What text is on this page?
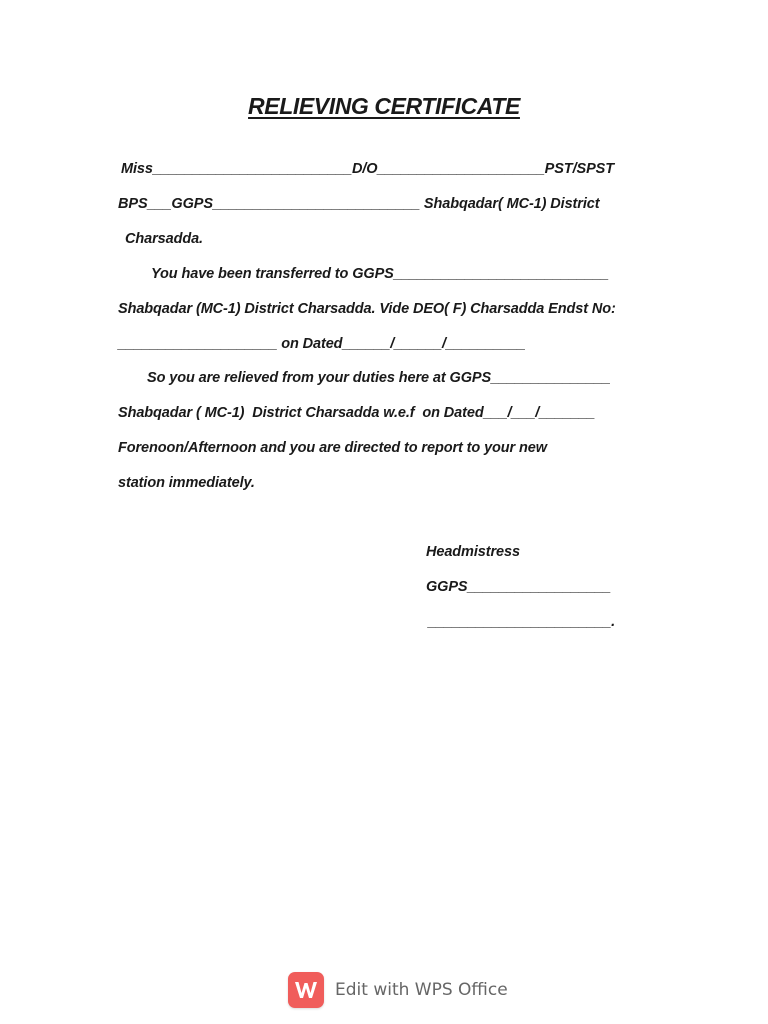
RELIEVING CERTIFICATE
Miss_________________________D/O_____________________PST/SPST
BPS___GGPS__________________________ Shabqadar( MC-1) District
Charsadda.
You have been transferred to GGPS___________________________
Shabqadar (MC-1) District Charsadda. Vide DEO( F) Charsadda Endst No:
____________________ on Dated______/______/__________
So you are relieved from your duties here at GGPS_______________
Shabqadar ( MC-1)  District Charsadda w.e.f  on Dated___/___/_______
Forenoon/Afternoon and you are directed to report to your new
station immediately.
Headmistress
GGPS__________________
_______________________.
Edit with WPS Office
